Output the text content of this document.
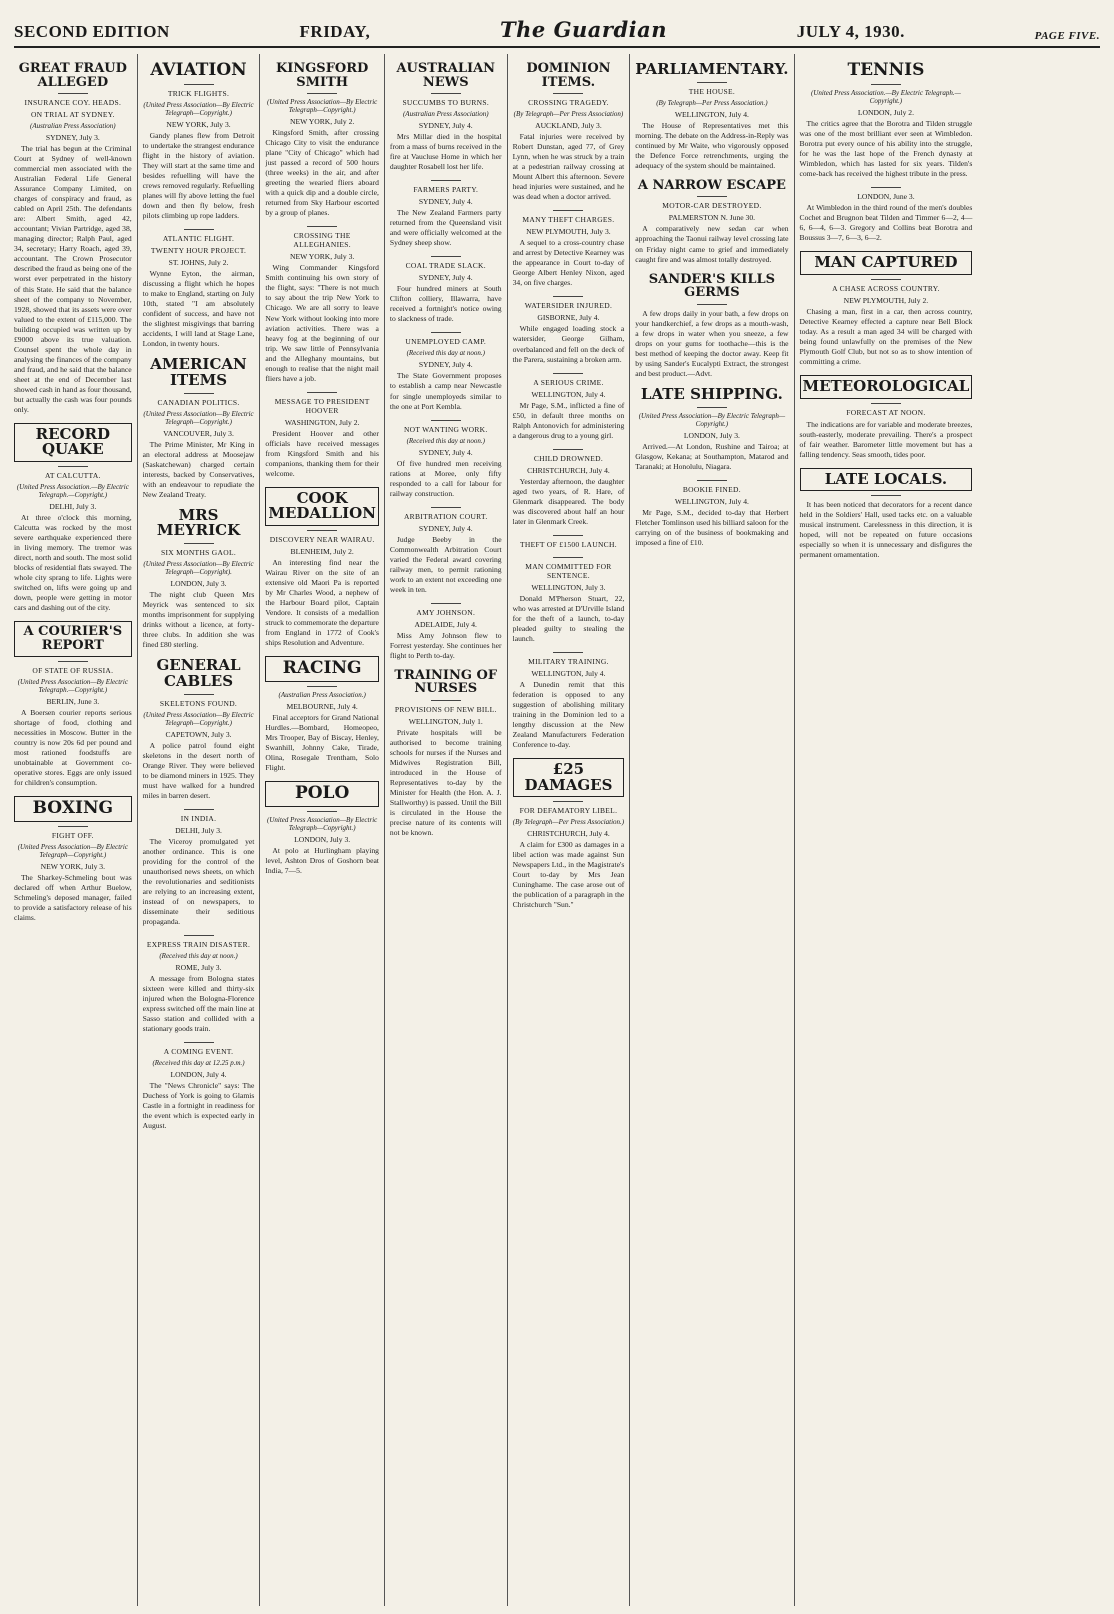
SECOND EDITION	FRIDAY,	The Guardian	JULY 4, 1930.	PAGE FIVE.
GREAT FRAUD ALLEGED
INSURANCE COY. HEADS.
ON TRIAL AT SYDNEY.
(Australian Press Association)
SYDNEY, July 3.
The trial has begun at the Criminal Court at Sydney of well-known commercial men associated with the Australian Federal Life General Assurance Company Limited, on charges of conspiracy and fraud, as cabled on April 25th. The defendants are: Albert Smith, aged 42, accountant; Vivian Partridge, aged 38, managing director; Ralph Paul, aged 34, secretary; Harry Roach, aged 39, accountant. The Crown Prosecutor described the fraud as being one of the worst ever perpetrated in the history of this State. He said that the balance sheet of the company to November, 1928, showed that its assets were over valued to the extent of £115,000. The building occupied was written up by £9000 above its true valuation. Counsel spent the whole day in analysing the finances of the company and fraud, and he said that the balance sheet at the end of December last showed cash in hand as four thousand, but actually the cash was four pounds only.
RECORD QUAKE
AT CALCUTTA.
(United Press Association.—By Electric Telegraph.—Copyright.)
DELHI, July 3.
At three o'clock this morning, Calcutta was rocked by the most severe earthquake experienced there in living memory. The tremor was direct, north and south. The most solid blocks of residential flats swayed. The whole city sprang to life. Lights were switched on, lifts were going up and down, people were getting in motor cars and dashing out of the city.
A COURIER'S REPORT
OF STATE OF RUSSIA.
(United Press Association—By Electric Telegraph.—Copyright.)
BERLIN, June 3.
A Boersen courier reports serious shortage of food, clothing and necessities in Moscow. Butter in the country is now 20s 6d per pound and most rationed foodstuffs are unobtainable at Government co-operative stores. Eggs are only issued for children's consumption.
BOXING
FIGHT OFF.
(United Press Association—By Electric Telegraph—Copyright.)
NEW YORK, July 3.
The Sharkey-Schmeling bout was declared off when Arthur Buelow, Schmeling's deposed manager, failed to provide a satisfactory release of his claims.
AVIATION
TRICK FLIGHTS.
(United Press Association—By Electric Telegraph—Copyright.)
NEW YORK, July 3.
Gandy planes flew from Detroit to undertake the strangest endurance flight in the history of aviation. They will start at the same time and besides refuelling will have the crews removed regularly. Refuelling planes will fly above letting the fuel down and then fly below, fresh pilots climbing up rope ladders.
ATLANTIC FLIGHT.
TWENTY HOUR PROJECT.
ST. JOHNS, July 2.
Wynne Eyton, the airman, discussing a flight which he hopes to make to England, starting on July 10th, stated "I am absolutely confident of success, and have not the slightest misgivings that barring accidents, I will land at Stage Lane, London, in twenty hours.
AMERICAN ITEMS
CANADIAN POLITICS.
(United Press Association—By Electric Telegraph—Copyright.)
VANCOUVER, July 3.
The Prime Minister, Mr King in an electoral address at Moosejaw (Saskatchewan) charged certain interests, backed by Conservatives, with an endeavour to repudiate the New Zealand Treaty.
MRS MEYRICK
SIX MONTHS GAOL.
(United Press Association—By Electric Telegraph—Copyright).
LONDON, July 3.
The night club Queen Mrs Meyrick was sentenced to six months imprisonment for supplying drinks without a licence, at forty-three clubs. In addition she was fined £80 sterling.
GENERAL CABLES
SKELETONS FOUND.
(United Press Association—By Electric Telegraph—Copyright.)
CAPETOWN, July 3.
A police patrol found eight skeletons in the desert north of Orange River. They were believed to be diamond miners in 1925. They must have walked for a hundred miles in barren desert.
IN INDIA.
DELHI, July 3.
The Viceroy promulgated yet another ordinance. This is one providing for the control of the unauthorised news sheets, on which the revolutionaries and seditionists are relying to an increasing extent, instead of on newspapers, to disseminate their seditious propaganda.
EXPRESS TRAIN DISASTER.
(Received this day at noon.)
ROME, July 3.
A message from Bologna states sixteen were killed and thirty-six injured when the Bologna-Florence express switched off the main line at Sasso station and collided with a stationary goods train.
A COMING EVENT.
(Received this day at 12.25 p.m.)
LONDON, July 4.
The "News Chronicle" says: The Duchess of York is going to Glamis Castle in a fortnight in readiness for the event which is expected early in August.
KINGSFORD SMITH
(United Press Association—By Electric Telegraph—Copyright.)
NEW YORK, July 2.
Kingsford Smith, after crossing Chicago City to visit the endurance plane "City of Chicago" which had just passed a record of 500 hours (three weeks) in the air, and after greeting the wearied fliers aboard with a quick dip and a double circle, returned from Sky Harbour escorted by a group of planes.
CROSSING THE ALLEGHANIES.
NEW YORK, July 3.
Wing Commander Kingsford Smith continuing his own story of the flight, says: "There is not much to say about the trip New York to Chicago. We are all sorry to leave New York without looking into more aviation activities. There was a heavy fog at the beginning of our trip. We saw little of Pennsylvania and the Alleghany mountains, but enough to realise that the night mail fliers have a job.
MESSAGE TO PRESIDENT HOOVER
WASHINGTON, July 2.
President Hoover and other officials have received messages from Kingsford Smith and his companions, thanking them for their welcome.
COOK MEDALLION
DISCOVERY NEAR WAIRAU.
BLENHEIM, July 2.
An interesting find near the Wairau River on the site of an extensive old Maori Pa is reported by Mr Charles Wood, a nephew of the Harbour Board pilot, Captain Vendore. It consists of a medallion struck to commemorate the departure from England in 1772 of Cook's ships Resolution and Adventure.
RACING
(Australian Press Association.)
MELBOURNE, July 4.
Final acceptors for Grand National Hurdles.—Bombard, Homeopeo, Mrs Trooper, Bay of Biscay, Henley, Swanhill, Johnny Cake, Tirade, Olina, Rosegale Trentham, Solo Flight.
POLO
(United Press Association—By Electric Telegraph—Copyright.)
LONDON, July 3.
At polo at Hurlingham playing level, Ashton Dros of Goshorn beat India, 7—5.
AUSTRALIAN NEWS
SUCCUMBS TO BURNS.
(Australian Press Association)
SYDNEY, July 4.
Mrs Millar died in the hospital from a mass of burns received in the fire at Vaucluse Home in which her daughter Rosabell lost her life.
FARMERS PARTY.
SYDNEY, July 4.
The New Zealand Farmers party returned from the Queensland visit and were officially welcomed at the Sydney sheep show.
COAL TRADE SLACK.
SYDNEY, July 4.
Four hundred miners at South Clifton colliery, Illawarra, have received a fortnight's notice owing to slackness of trade.
UNEMPLOYED CAMP.
(Received this day at noon.)
SYDNEY, July 4.
The State Government proposes to establish a camp near Newcastle for single unemployeds similar to the one at Port Kembla.
NOT WANTING WORK.
(Received this day at noon.)
SYDNEY, July 4.
Of five hundred men receiving rations at Moree, only fifty responded to a call for labour for railway construction.
ARBITRATION COURT.
SYDNEY, July 4.
Judge Beeby in the Commonwealth Arbitration Court varied the Federal award covering railway men, to permit rationing work to an extent not exceeding one week in ten.
AMY JOHNSON.
ADELAIDE, July 4.
Miss Amy Johnson flew to Forrest yesterday. She continues her flight to Perth to-day.
TRAINING OF NURSES
PROVISIONS OF NEW BILL.
WELLINGTON, July 1.
Private hospitals will be authorised to become training schools for nurses if the Nurses and Midwives Registration Bill, introduced in the House of Representatives to-day by the Minister for Health (the Hon. A. J. Stallworthy) is passed. Until the Bill is circulated in the House the precise nature of its contents will not be known.
DOMINION ITEMS.
CROSSING TRAGEDY.
(By Telegraph—Per Press Association)
AUCKLAND, July 3.
Fatal injuries were received by Robert Dunstan, aged 77, of Grey Lynn, when he was struck by a train at a pedestrian railway crossing at Mount Albert this afternoon. Severe head injuries were sustained, and he was dead when a doctor arrived.
MANY THEFT CHARGES.
NEW PLYMOUTH, July 3.
A sequel to a cross-country chase and arrest by Detective Kearney was the appearance in Court to-day of George Albert Henley Nixon, aged 34, on five charges.
WATERSIDER INJURED.
GISBORNE, July 4.
While engaged loading stock a watersider, George Gilham, overbalanced and fell on the deck of the Parera, sustaining a broken arm.
A SERIOUS CRIME.
WELLINGTON, July 4.
Mr Page, S.M., inflicted a fine of £50, in default three months on Ralph Antonovich for administering a dangerous drug to a young girl.
CHILD DROWNED.
CHRISTCHURCH, July 4.
Yesterday afternoon, the daughter aged two years, of R. Hare, of Glenmark disappeared. The body was discovered about half an hour later in Glenmark Creek.
THEFT OF £1500 LAUNCH.
MAN COMMITTED FOR SENTENCE.
WELLINGTON, July 3.
Donald M'Pherson Stuart, 22, who was arrested at D'Urville Island for the theft of a launch, to-day pleaded guilty to stealing the launch.
MILITARY TRAINING.
WELLINGTON, July 4.
A Dunedin remit that this federation is opposed to any suggestion of abolishing military training in the Dominion led to a lengthy discussion at the New Zealand Manufacturers Federation Conference to-day.
£25 DAMAGES
FOR DEFAMATORY LIBEL.
(By Telegraph—Per Press Association.)
CHRISTCHURCH, July 4.
A claim for £300 as damages in a libel action was made against Sun Newspapers Ltd., in the Magistrate's Court to-day by Mrs Jean Cuninghame. The case arose out of the publication of a paragraph in the Christchurch "Sun."
PARLIAMENTARY.
THE HOUSE.
(By Telegraph—Per Press Association.)
WELLINGTON, July 4.
The House of Representatives met this morning. The debate on the Address-in-Reply was continued by Mr Waite, who vigorously opposed the Defence Force retrenchments, urging the adequacy of the system should be maintained.
A NARROW ESCAPE
MOTOR-CAR DESTROYED.
PALMERSTON N. June 30.
A comparatively new sedan car when approaching the Taonui railway level crossing late on Friday night came to grief and immediately caught fire and was almost totally destroyed.
SANDER'S KILLS GERMS
A few drops daily in your bath, a few drops on your handkerchief, a few drops as a mouth-wash, a few drops in water when you sneeze, a few drops on your gums for toothache—this is the best method of keeping the doctor away. Keep fit by using Sander's Eucalypti Extract, the strongest and best product.—Advt.
LATE SHIPPING.
(United Press Association—By Electric Telegraph—Copyright.)
LONDON, July 3.
Arrived.—At London, Rushine and Tairoa; at Glasgow, Kekana; at Southampton, Matarod and Taranaki; at Honolulu, Niagara.
BOOKIE FINED.
WELLINGTON, July 4.
Mr Page, S.M., decided to-day that Herbert Fletcher Tomlinson used his billiard saloon for the carrying on of the business of bookmaking and imposed a fine of £10.
TENNIS
(United Press Association.—By Electric Telegraph.—Copyright.)
LONDON, July 2.
The critics agree that the Borotra and Tilden struggle was one of the most brilliant ever seen at Wimbledon. Borotra put every ounce of his ability into the struggle, for he was the last hope of the French dynasty at Wimbledon, which has lasted for six years. Tilden's come-back has received the highest tribute in the press.
LONDON, June 3.
At Wimbledon in the third round of the men's doubles Cochet and Brugnon beat Tilden and Timmer 6—2, 4—6, 6—4, 6—3. Gregory and Collins beat Borotra and Boussus 3—7, 6—3, 6—2.
MAN CAPTURED
A CHASE ACROSS COUNTRY.
NEW PLYMOUTH, July 2.
Chasing a man, first in a car, then across country, Detective Kearney effected a capture near Bell Block today. As a result a man aged 34 will be charged with being found unlawfully on the premises of the New Plymouth Golf Club, but not so as to show intention of committing a crime.
METEOROLOGICAL
FORECAST AT NOON.
The indications are for variable and moderate breezes, south-easterly, moderate prevailing. There's a prospect of fair weather. Barometer little movement but has a falling tendency. Seas smooth, tides poor.
LATE LOCALS.
It has been noticed that decorators for a recent dance held in the Soldiers' Hall, used tacks etc. on a valuable musical instrument. Carelessness in this direction, it is hoped, will not be repeated on future occasions especially so when it is unnecessary and disfigures the permanent ornamentation.
